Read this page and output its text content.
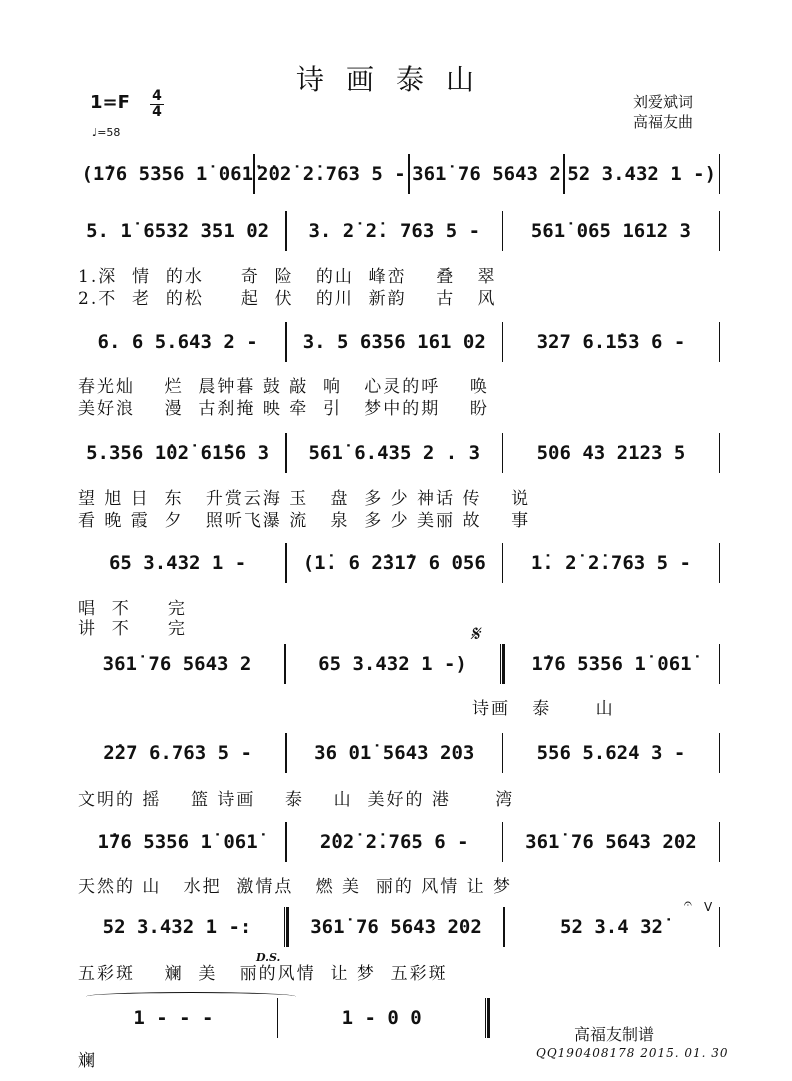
诗画泰山
1=F 4
4
♩=58
刘爱斌词
高福友曲
(1̇76 5356 1̇ 061̇ 2̇02̇ 2̇.763 5 - 361̇ 76 5643 2 52 3.432 1 -)
5. 1̇ 6532 351 02	3. 2̇ 2̇. 763 5 -	561̇ 065 1612 3
1.深  情  的水     奇  险   的山  峰峦    叠   翠
2.不  老  的松     起  伏   的川  新韵    古   风
6. 6 5.643 2 -	3. 5 6356 161 02	327 6.1̇53 6 -
春光灿    烂  晨钟暮 鼓 敲  响   心灵的呼    唤
美好浪    漫  古刹掩 映 牵  引   梦中的期    盼
5.356 1̇02̇ 61̇56 3	561̇ 6.435 2 . 3	506 43 2123 5
望 旭 日  东   升赏云海 玉   盘  多 少 神话 传    说
看 晚 霞  夕   照听飞瀑 流   泉  多 少 美丽 故    事
65 3.432 1 -	(1̇. 6 2̇31̇7 6 056	1̇. 2̇ 2̇.763 5 -
唱  不     完
讲  不     完	𝄋
361̇ 76 5643 2	65 3.432 1 -)	1̇76 5356 1̇ 061̇
诗画   泰      山
2̇27 6.763 5 -	36 01̇ 5643 203	556 5.624 3 -
文明的 摇    篮 诗画    泰    山  美好的 港      湾
1̇76 5356 1̇ 061̇	2̇02̇ 2̇.765 6 -	361̇ 76 5643 202
天然的 山   水把  激情点   燃 美  丽的 风情 让 梦
𝄐 V
52 3.432 1 -:	361̇ 76 5643 202	52 3.4 32̇
D.S.
五彩斑    斓  美   丽的风情  让 梦  五彩斑
1 - - -	1 - 0 0
斓
高福友制谱
QQ190408178 2015. 01. 30
